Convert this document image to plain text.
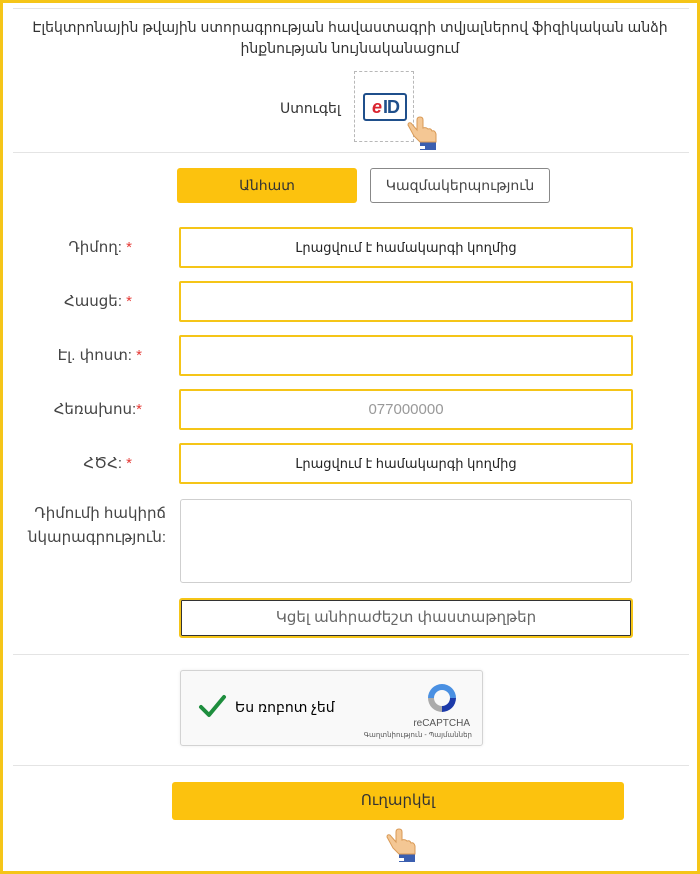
Էլեկտրոնային թվային ստորագրության հավաստագրի տվյալներով ֆիզիկական անձի ինքնության նույնականացում
Ստուգել e I
D
Անհատ	Կազմակերպություն
Դիմող: *	Լրացվում է համակարգի կողմից
Հասցե: *
Էլ. փոստ: *
Հեռախոս:*	077000000
ՀԾՀ: *	Լրացվում է համակարգի կողմից
Դիմումի հակիրճ
նկարագրություն:
Կցել անհրաժեշտ փաստաթղթեր
Ես ռոբոտ չեմ
reCAPTCHA
Գաղտնիություն - Պայմաններ
Ուղարկել
